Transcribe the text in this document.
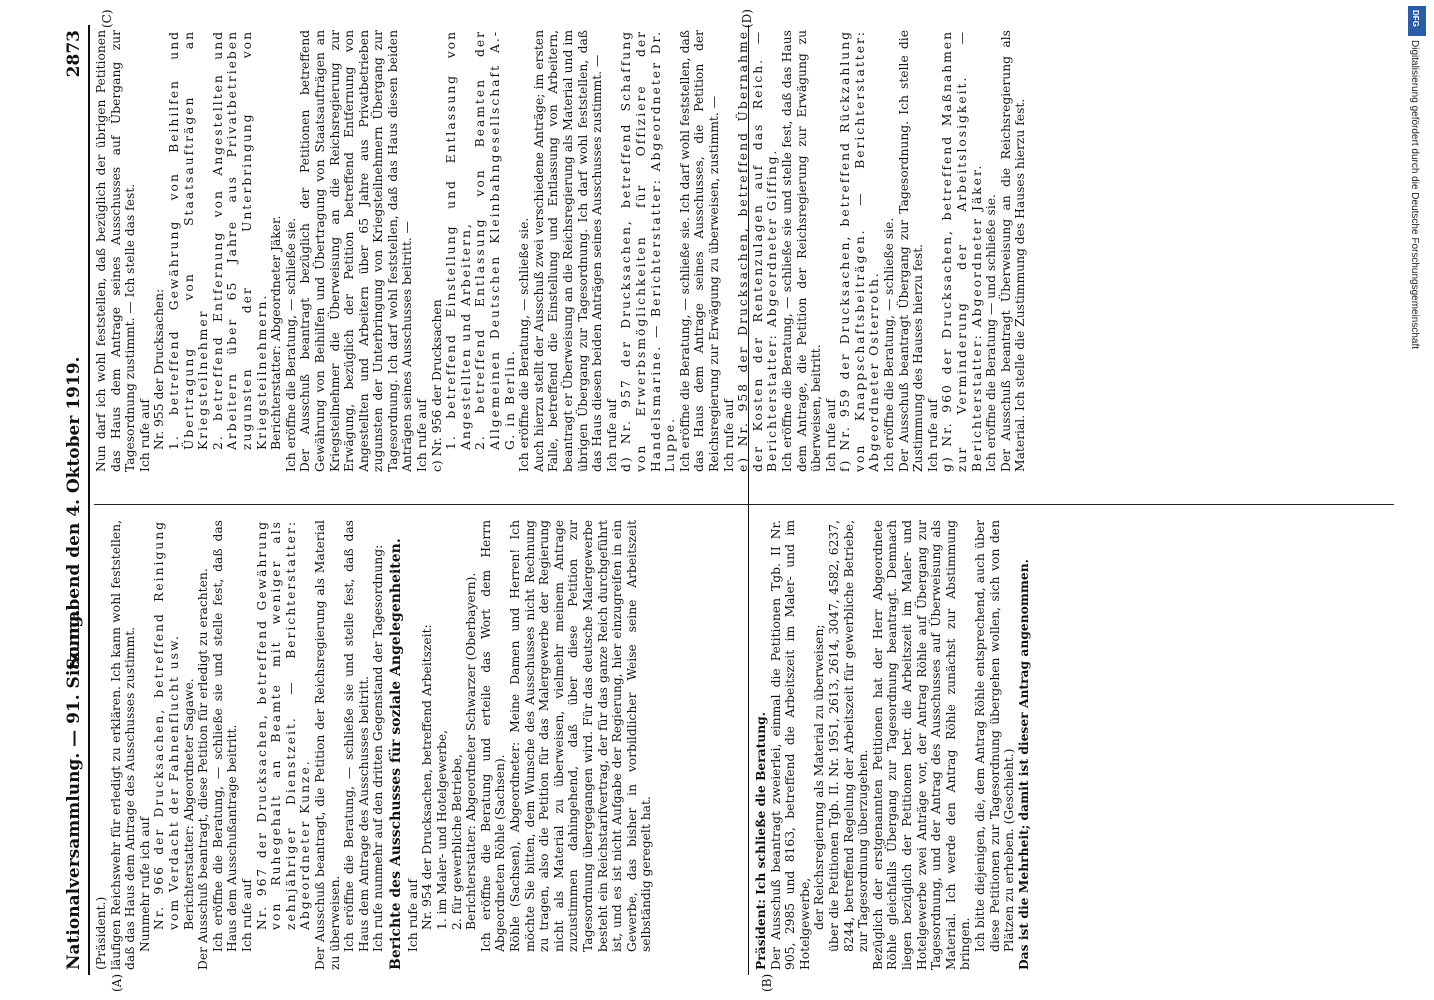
Nationalversammlung. — 91. Sitzung.
Sonnabend den 4. Oktober 1919.
2873
(A)	(B)
(C)	(D)

(Präsident.) läufigen Reichswehr für erledigt zu erklären. Ich kann wohl feststellen, daß das Haus dem Antrage des Ausschusses zustimmt. Nunmehr rufe ich auf Nr. 966 der Drucksachen, betreffend Reinigung vom Verdacht der Fahnenflucht usw. Berichterstatter: Abgeordneter Sagawe. Der Ausschuß beantragt, diese Petition für erledigt zu erachten. Ich eröffne die Beratung, — schließe sie und stelle fest, daß das Haus dem Ausschußantrage beitritt. Ich rufe auf Nr. 967 der Drucksachen, betreffend Gewährung von Ruhegehalt an Beamte mit weniger als zehnjähriger Dienstzeit. — Berichterstatter: Abgeordneter Kunze. Der Ausschuß beantragt, die Petition der Reichsregierung als Material zu überweisen. Ich eröffne die Beratung, — schließe sie und stelle fest, daß das Haus dem Antrage des Ausschusses beitritt. Ich rufe nunmehr auf den dritten Gegenstand der Tagesordnung: Berichte des Ausschusses für soziale Angelegenheiten. Ich rufe auf Nr. 954 der Drucksachen, betreffend Arbeitszeit: 1. im Maler- und Hotelgewerbe, 2. für gewerbliche Betriebe, Berichterstatter: Abgeordneter Schwarzer (Oberbayern). Ich eröffne die Beratung und erteile das Wort dem Herrn Abgeordneten Röhle (Sachsen). Röhle (Sachsen), Abgeordneter: Meine Damen und Herren! Ich möchte Sie bitten, dem Wunsche des Ausschusses nicht Rechnung zu tragen, also die Petition für das Malergewerbe der Regierung nicht als Material zu überweisen, vielmehr meinem Antrage zuzustimmen dahingehend, daß über diese Petition zur Tagesordnung übergegangen wird. Für das deutsche Malergewerbe besteht ein Reichstarifvertrag, der für das ganze Reich durchgeführt ist, und es ist nicht Aufgabe der Regierung, hier einzugreifen in ein Gewerbe, das bisher in vorbildlicher Weise seine Arbeitszeit selbständig geregelt hat.	Präsident: Ich schließe die Beratung. Der Ausschuß beantragt zweierlei, einmal die Petitionen Tgb. II Nr. 905, 2985 und 8163, betreffend die Arbeitszeit im Maler- und im Hotelgewerbe, der Reichsregierung als Material zu überweisen; über die Petitionen Tgb. II. Nr. 1951, 2613, 2614, 3047, 4582, 6237, 8244, betreffend Regelung der Arbeitszeit für gewerbliche Betriebe, zur Tagesordnung überzugehen. Bezüglich der erstgenannten Petitionen hat der Herr Abgeordnete Röhle gleichfalls Übergang zur Tagesordnung beantragt. Demnach liegen bezüglich der Petitionen betr. die Arbeitszeit im Maler- und Hotelgewerbe zwei Anträge vor, der Antrag Röhle auf Übergang zur Tagesordnung, und der Antrag des Ausschusses auf Überweisung als Material. Ich werde den Antrag Röhle zunächst zur Abstimmung bringen. Ich bitte diejenigen, die, dem Antrag Röhle entsprechend, auch über diese Petitionen zur Tagesordnung übergehen wollen, sich von den Plätzen zu erheben. (Geschieht.) Das ist die Mehrheit; damit ist dieser Antrag angenommen.

Nun darf ich wohl feststellen, daß bezüglich der übrigen Petitionen das Haus dem Antrage seines Ausschusses auf Übergang zur Tagesordnung zustimmt. — Ich stelle das fest. Ich rufe auf Nr. 955 der Drucksachen: 1. betreffend Gewährung von Beihilfen und Übertragung von Staatsaufträgen an Kriegsteilnehmer 2. betreffend Entfernung von Angestellten und Arbeitern über 65 Jahre aus Privatbetrieben zugunsten der Unterbringung von Kriegsteilnehmern. Berichterstatter: Abgeordneter Jäker. Ich eröffne die Beratung, — schließe sie. Der Ausschuß beantragt bezüglich der Petitionen betreffend Gewährung von Beihilfen und Übertragung von Staatsaufträgen an Kriegsteilnehmer die Überweisung an die Reichsregierung zur Erwägung, bezüglich der Petition betreffend Entfernung von Angestellten und Arbeitern über 65 Jahre aus Privatbetrieben zugunsten der Unterbringung von Kriegsteilnehmern Übergang zur Tagesordnung. Ich darf wohl feststellen, daß das Haus diesen beiden Anträgen seines Ausschusses beitritt. — Ich rufe auf c) Nr. 956 der Drucksachen 1. betreffend Einstellung und Entlassung von Angestellten und Arbeitern, 2. betreffend Entlassung von Beamten der Allgemeinen Deutschen Kleinbahngesellschaft A.-G. in Berlin. Ich eröffne die Beratung, — schließe sie. Auch hierzu stellt der Ausschuß zwei verschiedene Anträge; im ersten Falle, betreffend die Einstellung und Entlassung von Arbeitern, beantragt er Überweisung an die Reichsregierung als Material und im übrigen Übergang zur Tagesordnung. Ich darf wohl feststellen, daß das Haus diesen beiden Anträgen seines Ausschusses zustimmt. — Ich rufe auf d) Nr. 957 der Drucksachen, betreffend Schaffung von Erwerbsmöglichkeiten für Offiziere der Handelsmarine. — Berichterstatter: Abgeordneter Dr. Luppe. Ich eröffne die Beratung, — schließe sie. Ich darf wohl feststellen, daß das Haus dem Antrage seines Ausschusses, die Petition der Reichsregierung zur Erwägung zu überweisen, zustimmt. — Ich rufe auf e) Nr. 958 der Drucksachen, betreffend Übernahme der Kosten der Rentenzulagen auf das Reich. — Berichterstatter: Abgeordneter Giffing. Ich eröffne die Beratung, — schließe sie und stelle fest, daß das Haus dem Antrage, die Petition der Reichsregierung zur Erwägung zu überweisen, beitritt. Ich rufe auf f) Nr. 959 der Drucksachen, betreffend Rückzahlung von Knappschaftsbeiträgen. — Berichterstatter: Abgeordneter Osterroth. Ich eröffne die Beratung, — schließe sie. Der Ausschuß beantragt Übergang zur Tagesordnung. Ich stelle die Zustimmung des Hauses hierzu fest. Ich rufe auf g) Nr. 960 der Drucksachen, betreffend Maßnahmen zur Verminderung der Arbeitslosigkeit. — Berichterstatter: Abgeordneter Jäker. Ich eröffne die Beratung — und schließe sie. Der Ausschuß beantragt Überweisung an die Reichsregierung als Material. Ich stelle die Zustimmung des Hauses hierzu fest.

DFG
Digitalisierung gefördert durch die Deutsche Forschungsgemeinschaft
